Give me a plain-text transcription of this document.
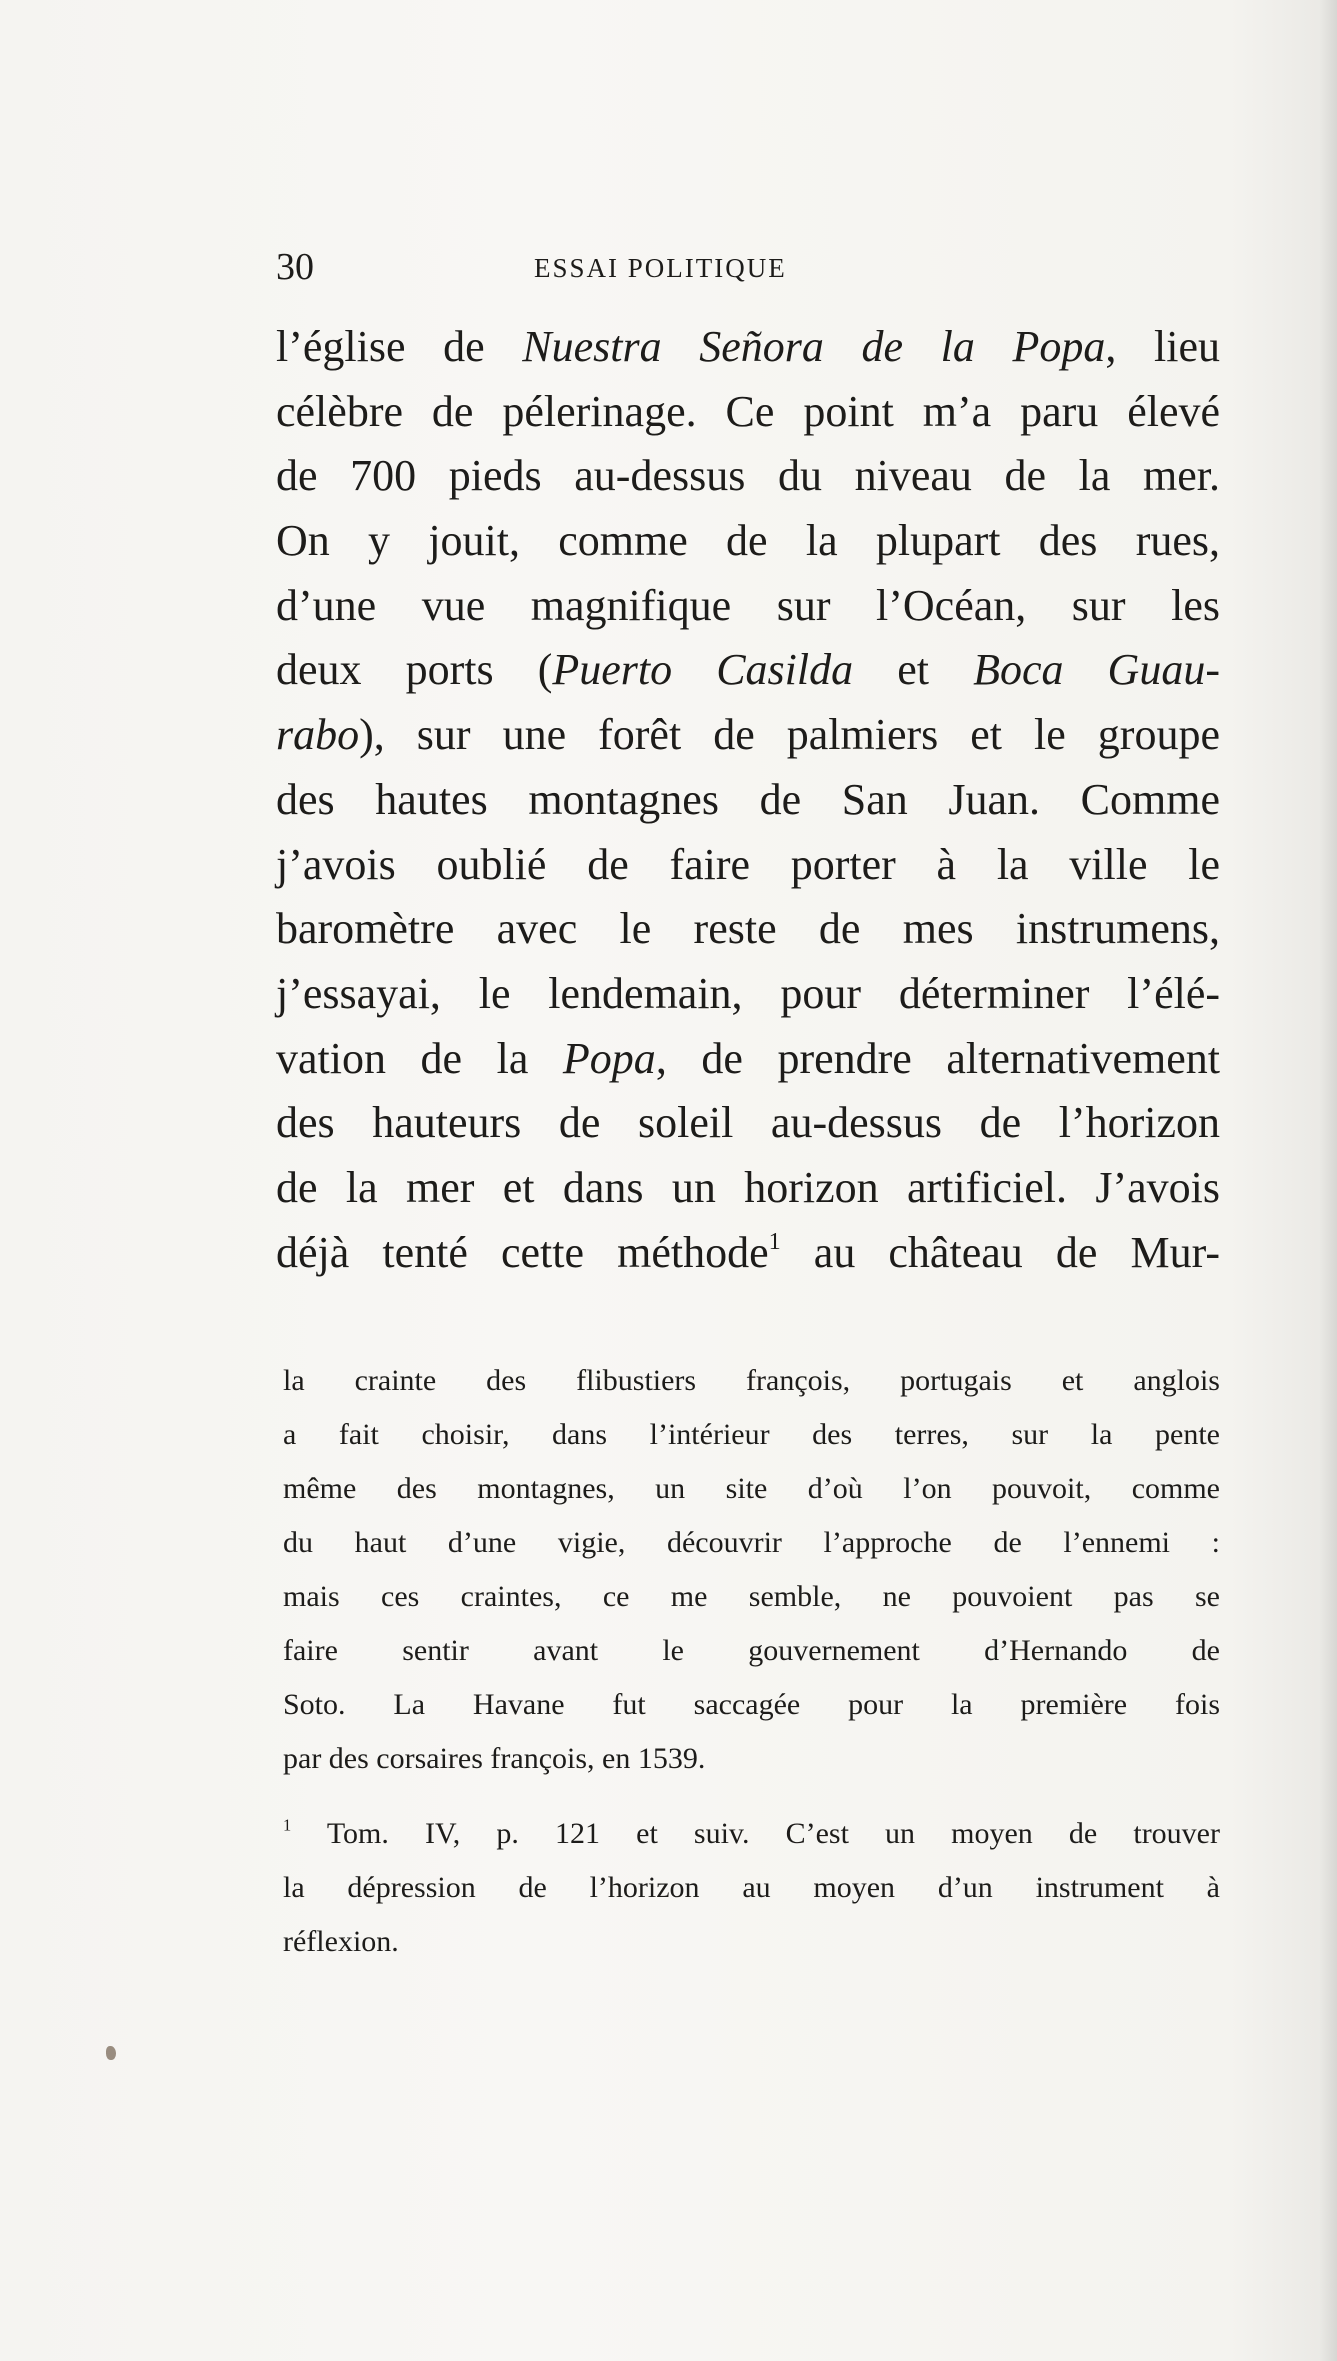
30	ESSAI POLITIQUE
l’église de Nuestra Señora de la Popa, lieu
célèbre de pélerinage. Ce point m’a paru élevé
de 700 pieds au-dessus du niveau de la mer.
On y jouit, comme de la plupart des rues,
d’une vue magnifique sur l’Océan, sur les
deux ports (Puerto Casilda et Boca Guau-
rabo), sur une forêt de palmiers et le groupe
des hautes montagnes de San Juan. Comme
j’avois oublié de faire porter à la ville le
baromètre avec le reste de mes instrumens,
j’essayai, le lendemain, pour déterminer l’élé-
vation de la Popa, de prendre alternativement
des hauteurs de soleil au-dessus de l’horizon
de la mer et dans un horizon artificiel. J’avois
déjà tenté cette méthode$^1$ au château de Mur-
la crainte des flibustiers françois, portugais et anglois
a fait choisir, dans l’intérieur des terres, sur la pente
même des montagnes, un site d’où l’on pouvoit, comme
du haut d’une vigie, découvrir l’approche de l’ennemi :
mais ces craintes, ce me semble, ne pouvoient pas se
faire sentir avant le gouvernement d’Hernando de
Soto. La Havane fut saccagée pour la première fois
par des corsaires françois, en 1539.
$^1$ Tom. IV, p. 121 et suiv. C’est un moyen de trouver
la dépression de l’horizon au moyen d’un instrument à
réflexion.
